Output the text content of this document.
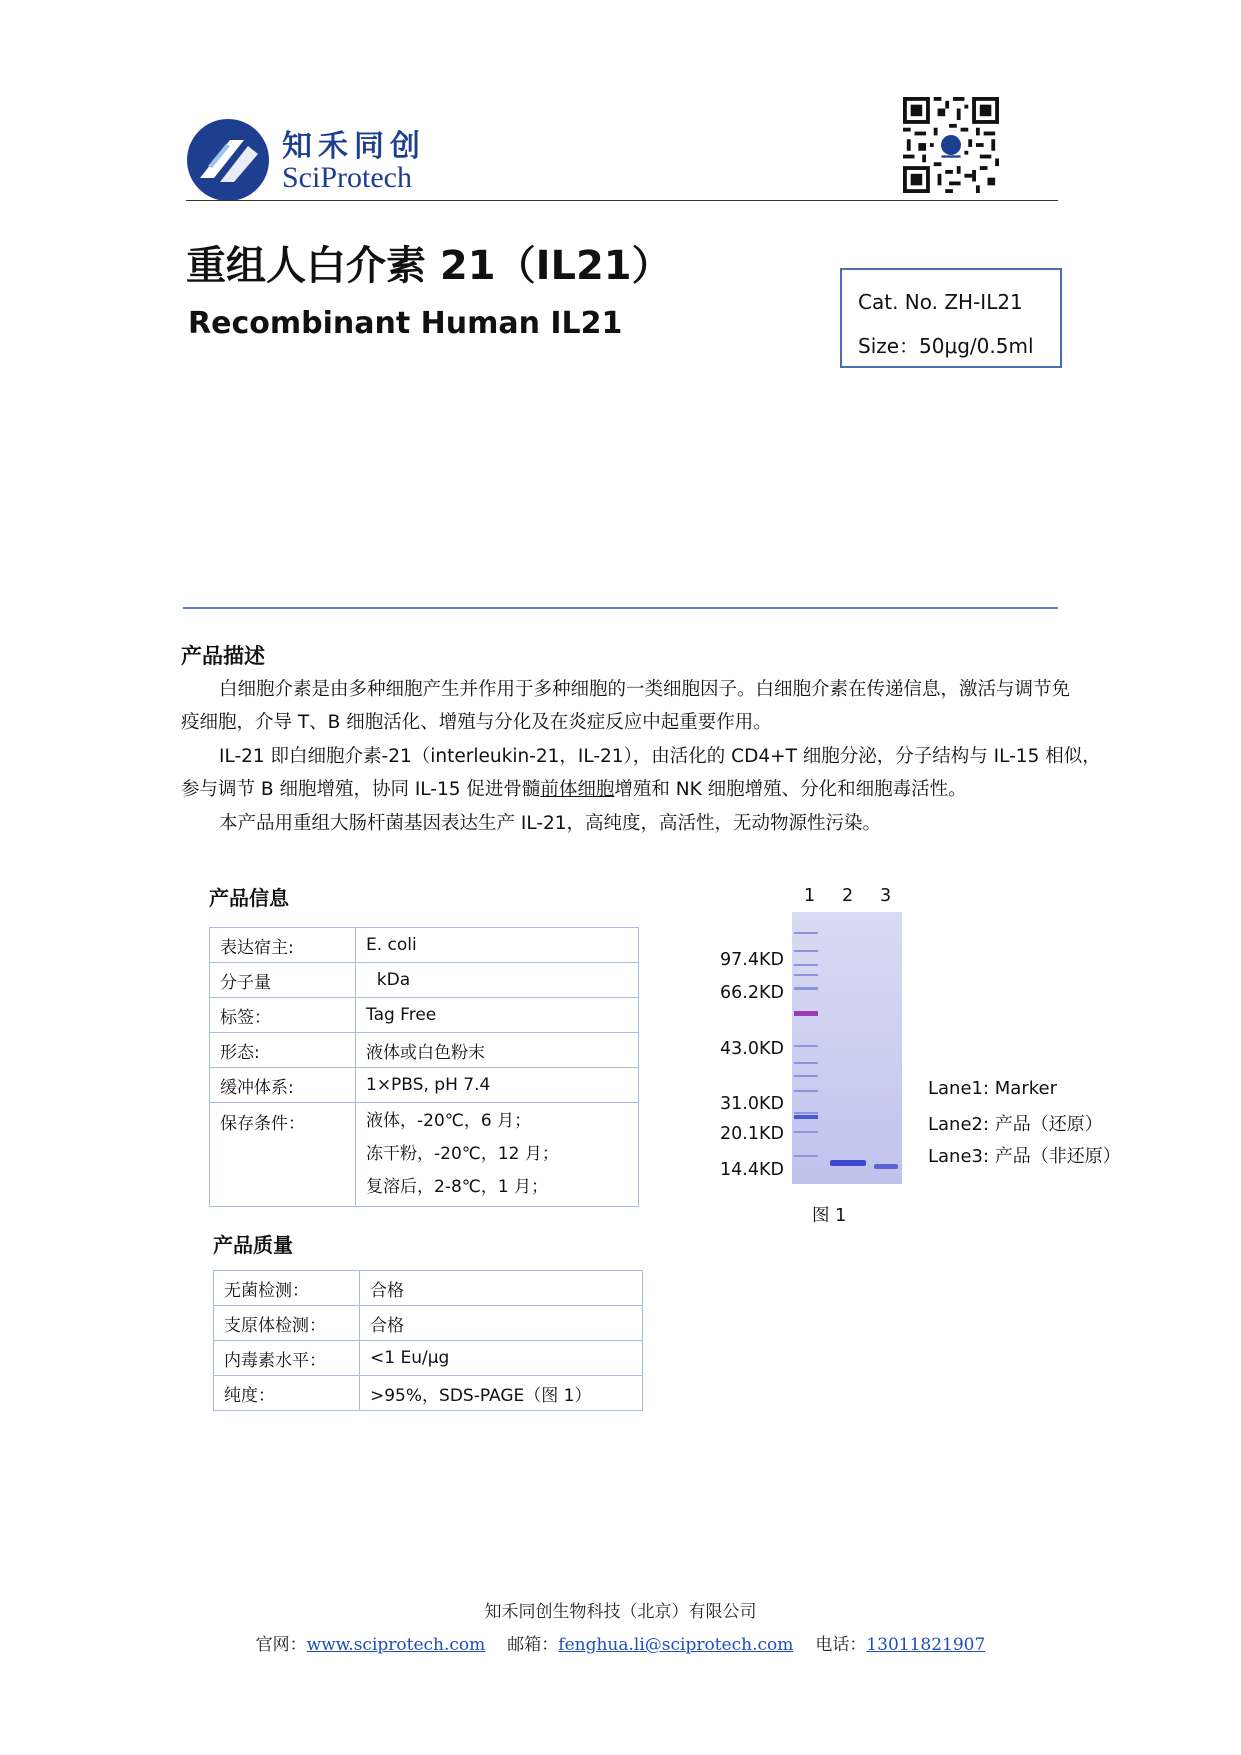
知禾同创
SciProtech
重组人白介素 21（IL21）
Recombinant Human IL21
Cat. No. ZH-IL21
Size：50μg/0.5ml
产品描述
白细胞介素是由多种细胞产生并作用于多种细胞的一类细胞因子。白细胞介素在传递信息，激活与调节免
疫细胞，介导 T、B 细胞活化、增殖与分化及在炎症反应中起重要作用。
IL-21 即白细胞介素-21（interleukin-21，IL-21），由活化的 CD4+T 细胞分泌，分子结构与 IL-15 相似，
参与调节 B 细胞增殖，协同 IL-15 促进骨髓前体细胞增殖和 NK 细胞增殖、分化和细胞毒活性。
本产品用重组大肠杆菌基因表达生产 IL-21，高纯度，高活性，无动物源性污染。
产品信息
表达宿主:	E. coli
分子量	kDa
标签：	Tag Free
形态:	液体或白色粉末
缓冲体系:	1×PBS, pH 7.4
保存条件：	液体，-20℃，6 月；
冻干粉，-20℃，12 月；
复溶后，2-8℃，1 月；
产品质量
无菌检测：	合格
支原体检测：	合格
内毒素水平：	<1 Eu/μg
纯度：	>95%，SDS-PAGE（图 1）
1 2 3
97.4KD
66.2KD
43.0KD
31.0KD
20.1KD
14.4KD
Lane1: Marker
Lane2: 产品（还原）
Lane3: 产品（非还原）
图 1
知禾同创生物科技（北京）有限公司
官网：www.sciprotech.com 邮箱：fenghua.li@sciprotech.com 电话：13011821907
